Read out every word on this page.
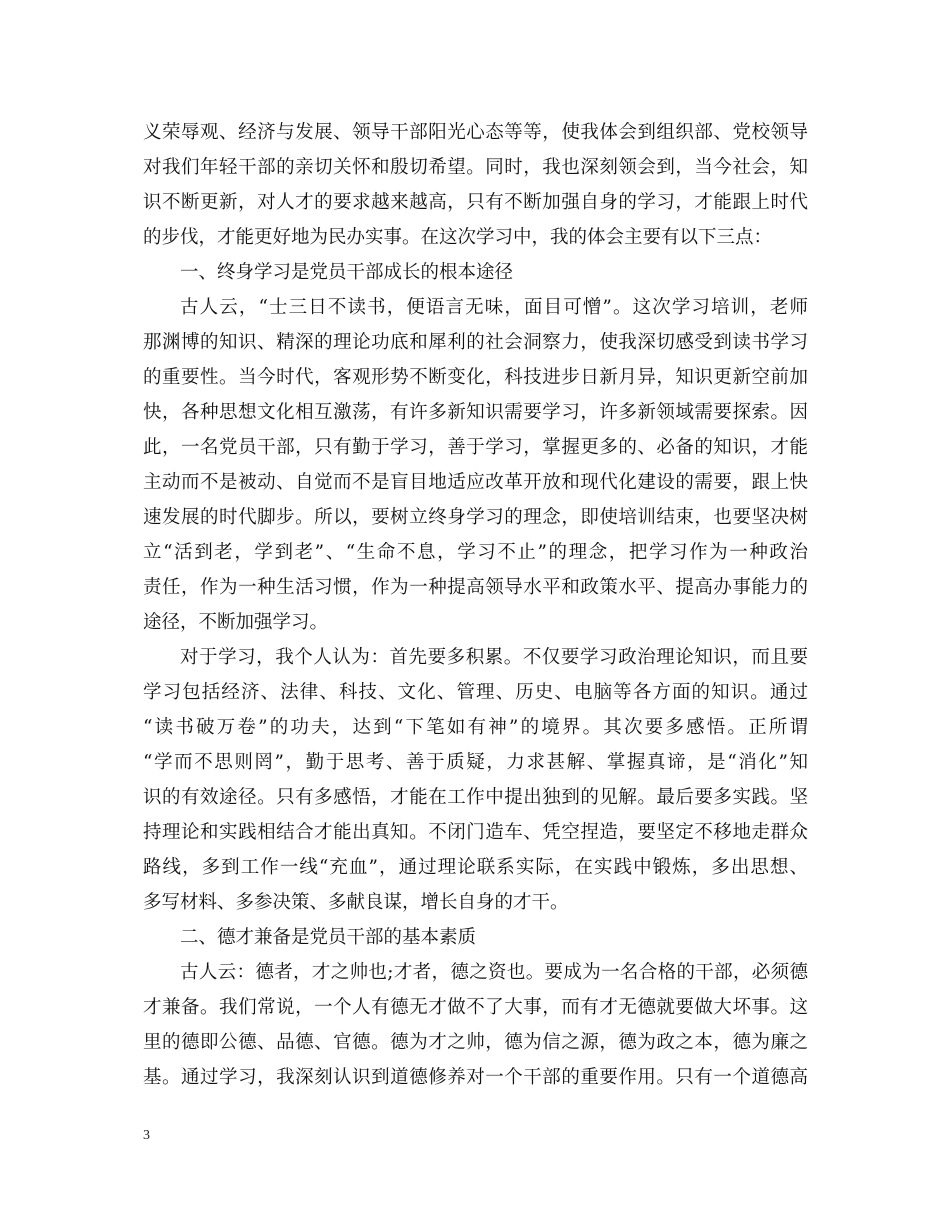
义荣辱观、经济与发展、领导干部阳光心态等等，使我体会到组织部、党校领导
对我们年轻干部的亲切关怀和殷切希望。同时，我也深刻领会到，当今社会，知
识不断更新，对人才的要求越来越高，只有不断加强自身的学习，才能跟上时代
的步伐，才能更好地为民办实事。在这次学习中，我的体会主要有以下三点：
一、终身学习是党员干部成长的根本途径
古人云，“士三日不读书，便语言无味，面目可憎”。这次学习培训，老师
那渊博的知识、精深的理论功底和犀利的社会洞察力，使我深切感受到读书学习
的重要性。当今时代，客观形势不断变化，科技进步日新月异，知识更新空前加
快，各种思想文化相互激荡，有许多新知识需要学习，许多新领域需要探索。因
此，一名党员干部，只有勤于学习，善于学习，掌握更多的、必备的知识，才能
主动而不是被动、自觉而不是盲目地适应改革开放和现代化建设的需要，跟上快
速发展的时代脚步。所以，要树立终身学习的理念，即使培训结束，也要坚决树
立“活到老，学到老”、“生命不息，学习不止”的理念，把学习作为一种政治
责任，作为一种生活习惯，作为一种提高领导水平和政策水平、提高办事能力的
途径，不断加强学习。
对于学习，我个人认为：首先要多积累。不仅要学习政治理论知识，而且要
学习包括经济、法律、科技、文化、管理、历史、电脑等各方面的知识。通过
“读书破万卷”的功夫，达到“下笔如有神”的境界。其次要多感悟。正所谓
“学而不思则罔”，勤于思考、善于质疑，力求甚解、掌握真谛，是“消化”知
识的有效途径。只有多感悟，才能在工作中提出独到的见解。最后要多实践。坚
持理论和实践相结合才能出真知。不闭门造车、凭空捏造，要坚定不移地走群众
路线，多到工作一线“充血”，通过理论联系实际，在实践中锻炼，多出思想、
多写材料、多参决策、多献良谋，增长自身的才干。
二、德才兼备是党员干部的基本素质
古人云：德者，才之帅也;才者，德之资也。要成为一名合格的干部，必须德
才兼备。我们常说，一个人有德无才做不了大事，而有才无德就要做大坏事。这
里的德即公德、品德、官德。德为才之帅，德为信之源，德为政之本，德为廉之
基。通过学习，我深刻认识到道德修养对一个干部的重要作用。只有一个道德高
3
